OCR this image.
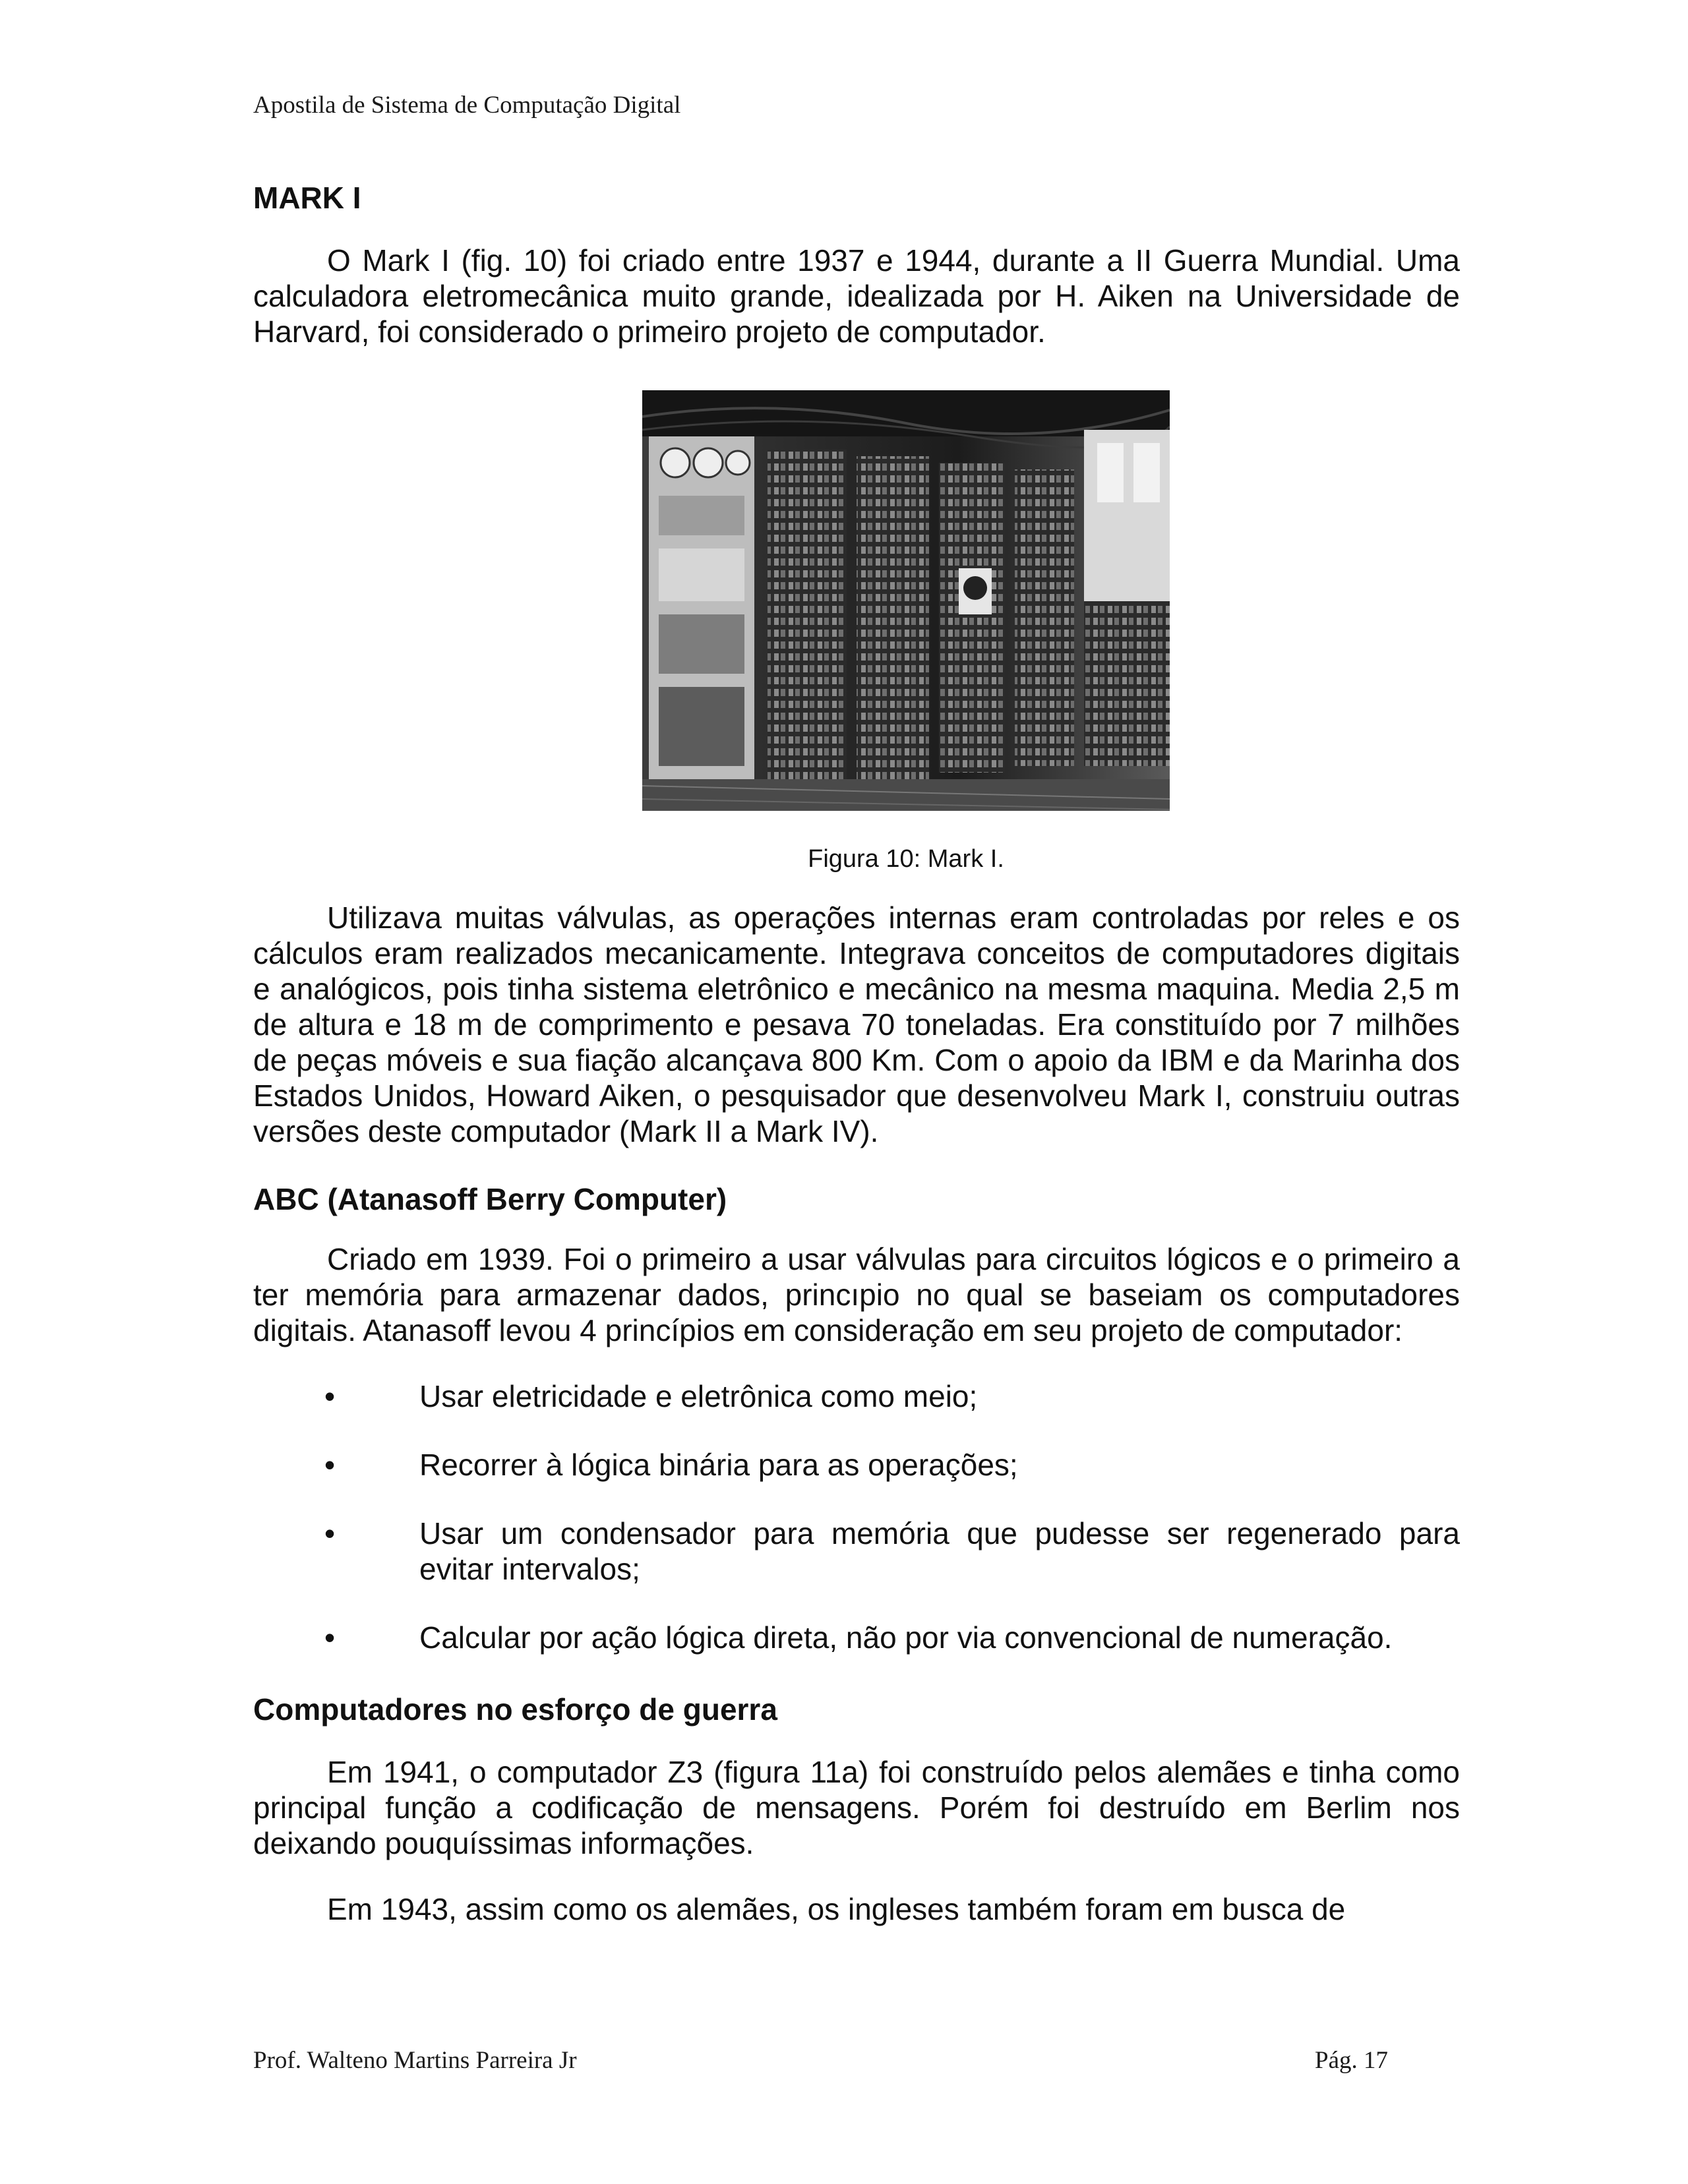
Apostila de Sistema de Computação Digital
MARK I

O Mark I (fig. 10) foi criado entre 1937 e 1944, durante a II Guerra Mundial. Uma calculadora eletromecânica muito grande, idealizada por H. Aiken na Universidade de Harvard, foi considerado o primeiro projeto de computador.

Figura 10: Mark I.

Utilizava muitas válvulas, as operações internas eram controladas por reles e os cálculos eram realizados mecanicamente. Integrava conceitos de computadores digitais e analógicos, pois tinha sistema eletrônico e mecânico na mesma maquina. Media 2,5 m de altura e 18 m de comprimento e pesava 70 toneladas. Era constituído por 7 milhões de peças móveis e sua fiação alcançava 800 Km. Com o apoio da IBM e da Marinha dos Estados Unidos, Howard Aiken, o pesquisador que desenvolveu Mark I, construiu outras versões deste computador (Mark II a Mark IV).

ABC (Atanasoff Berry Computer)

Criado em 1939. Foi o primeiro a usar válvulas para circuitos lógicos e o primeiro a ter memória para armazenar dados, princıpio no qual se baseiam os computadores digitais. Atanasoff levou 4 princípios em consideração em seu projeto de computador:

•	Usar eletricidade e eletrônica como meio;
•	Recorrer à lógica binária para as operações;
•	Usar um condensador para memória que pudesse ser regenerado para evitar intervalos;
•	Calcular por ação lógica direta, não por via convencional de numeração.
Computadores no esforço de guerra

Em 1941, o computador Z3 (figura 11a) foi construído pelos alemães e tinha como principal função a codificação de mensagens. Porém foi destruído em Berlim nos deixando pouquíssimas informações.

Em 1943, assim como os alemães, os ingleses também foram em busca de

Prof. Walteno Martins Parreira Jr	Pág. 17
